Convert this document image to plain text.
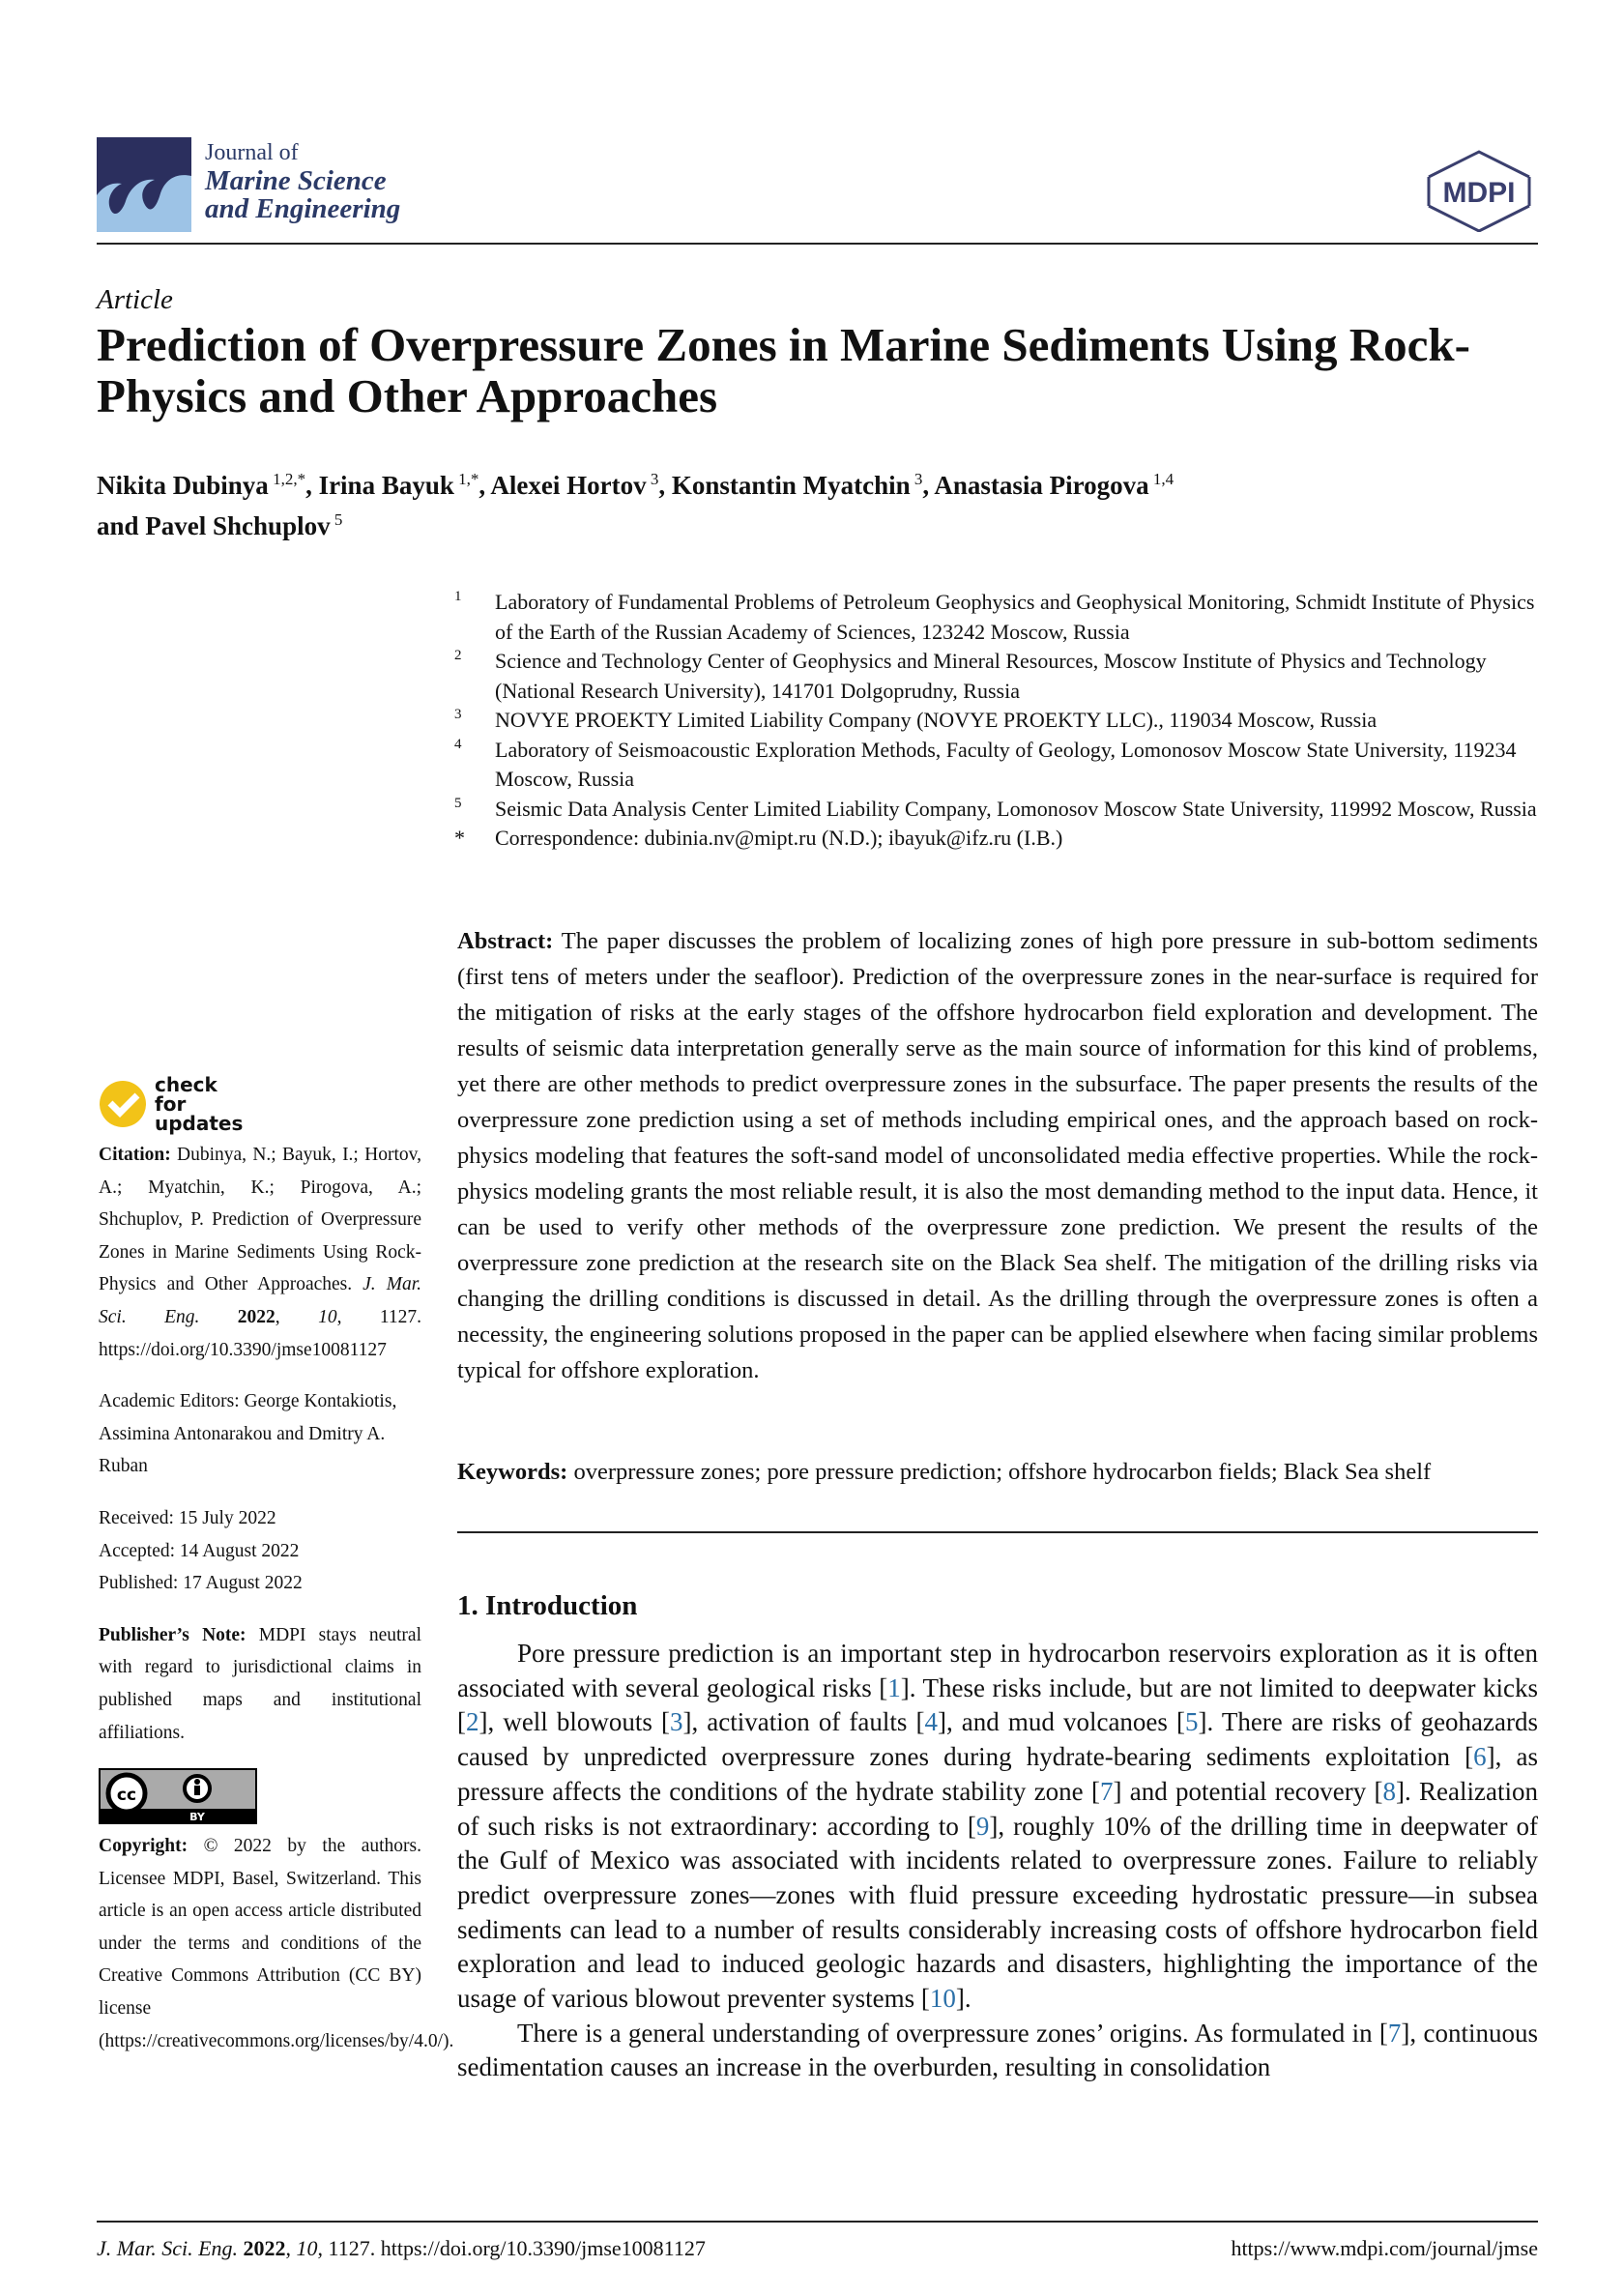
Journal of
Marine Science
and Engineering	MDPI
Article
Prediction of Overpressure Zones in Marine Sediments Using Rock-Physics and Other Approaches
Nikita Dubinya $^{1,2,*}$, Irina Bayuk $^{1,*}$, Alexei Hortov $^3$, Konstantin Myatchin $^3$, Anastasia Pirogova $^{1,4}$
and Pavel Shchuplov $^5$
1 Laboratory of Fundamental Problems of Petroleum Geophysics and Geophysical Monitoring, Schmidt Institute of Physics of the Earth of the Russian Academy of Sciences, 123242 Moscow, Russia
2 Science and Technology Center of Geophysics and Mineral Resources, Moscow Institute of Physics and Technology (National Research University), 141701 Dolgoprudny, Russia
3 NOVYE PROEKTY Limited Liability Company (NOVYE PROEKTY LLC)., 119034 Moscow, Russia
4 Laboratory of Seismoacoustic Exploration Methods, Faculty of Geology, Lomonosov Moscow State University, 119234 Moscow, Russia
5 Seismic Data Analysis Center Limited Liability Company, Lomonosov Moscow State University, 119992 Moscow, Russia
* Correspondence: dubinia.nv@mipt.ru (N.D.); ibayuk@ifz.ru (I.B.)
Abstract: The paper discusses the problem of localizing zones of high pore pressure in sub-bottom sediments (first tens of meters under the seafloor). Prediction of the overpressure zones in the near-surface is required for the mitigation of risks at the early stages of the offshore hydrocarbon field exploration and development. The results of seismic data interpretation generally serve as the main source of information for this kind of problems, yet there are other methods to predict overpressure zones in the subsurface. The paper presents the results of the overpressure zone prediction using a set of methods including empirical ones, and the approach based on rock-physics modeling that features the soft-sand model of unconsolidated media effective properties. While the rock-physics modeling grants the most reliable result, it is also the most demanding method to the input data. Hence, it can be used to verify other methods of the overpressure zone prediction. We present the results of the overpressure zone prediction at the research site on the Black Sea shelf. The mitigation of the drilling risks via changing the drilling conditions is discussed in detail. As the drilling through the overpressure zones is often a necessity, the engineering solutions proposed in the paper can be applied elsewhere when facing similar problems typical for offshore exploration.
Keywords: overpressure zones; pore pressure prediction; offshore hydrocarbon fields; Black Sea shelf
1. Introduction

Pore pressure prediction is an important step in hydrocarbon reservoirs exploration as it is often associated with several geological risks [1]. These risks include, but are not limited to deepwater kicks [2], well blowouts [3], activation of faults [4], and mud volcanoes [5]. There are risks of geohazards caused by unpredicted overpressure zones during hydrate-bearing sediments exploitation [6], as pressure affects the conditions of the hydrate stability zone [7] and potential recovery [8]. Realization of such risks is not extraordinary: according to [9], roughly 10% of the drilling time in deepwater of the Gulf of Mexico was associated with incidents related to overpressure zones. Failure to reliably predict overpressure zones—zones with fluid pressure exceeding hydrostatic pressure—in subsea sediments can lead to a number of results considerably increasing costs of offshore hydrocarbon field exploration and lead to induced geologic hazards and disasters, highlighting the importance of the usage of various blowout preventer systems [10].

There is a general understanding of overpressure zones’ origins. As formulated in [7], continuous sedimentation causes an increase in the overburden, resulting in consolidation

check for updates
Citation: Dubinya, N.; Bayuk, I.; Hortov, A.; Myatchin, K.; Pirogova, A.; Shchuplov, P. Prediction of Overpressure Zones in Marine Sediments Using Rock-Physics and Other Approaches. J. Mar. Sci. Eng. 2022, 10, 1127. https://doi.org/10.3390/jmse10081127
Academic Editors: George Kontakiotis, Assimina Antonarakou and Dmitry A. Ruban
Received: 15 July 2022
Accepted: 14 August 2022
Published: 17 August 2022
Publisher’s Note: MDPI stays neutral with regard to jurisdictional claims in published maps and institutional affiliations.
cc
BY
Copyright: © 2022 by the authors. Licensee MDPI, Basel, Switzerland. This article is an open access article distributed under the terms and conditions of the Creative Commons Attribution (CC BY) license (https://creativecommons.org/licenses/by/4.0/).
J. Mar. Sci. Eng. 2022, 10, 1127. https://doi.org/10.3390/jmse10081127	https://www.mdpi.com/journal/jmse
